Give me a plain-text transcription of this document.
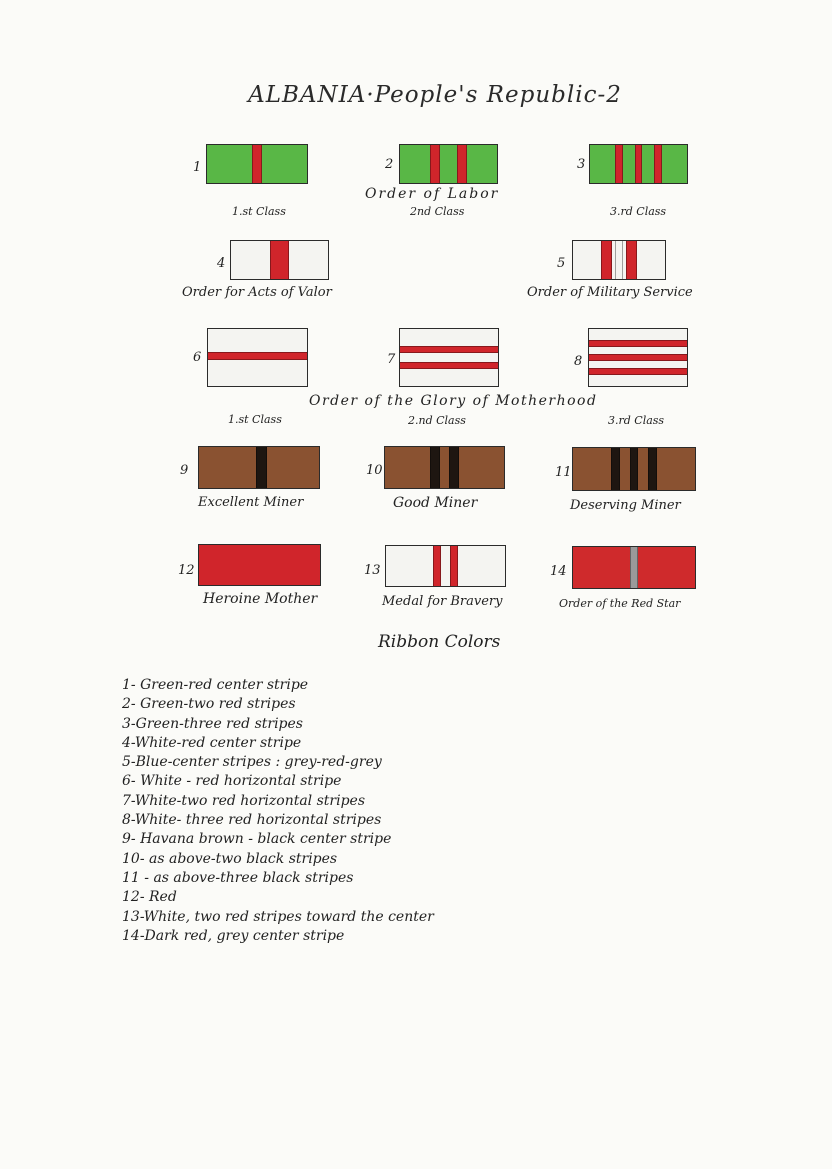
ALBANIA·People's Republic-2
1
1.st Class
2
Order of Labor
2nd Class
3
3.rd Class
4
Order for Acts of Valor
5
Order of Military Service
6
1.st Class
7
Order of the Glory of Motherhood
2.nd Class
8
3.rd Class
9
Excellent Miner
10
Good Miner
11
Deserving Miner
12
Heroine Mother
13
Medal for Bravery
14
Order of the Red Star
Ribbon Colors
1- Green-red center stripe
2- Green-two red stripes
3-Green-three red stripes
4-White-red center stripe
5-Blue-center stripes : grey-red-grey
6- White - red horizontal stripe
7-White-two red horizontal stripes
8-White- three red horizontal stripes
9- Havana brown - black center stripe
10- as above-two black stripes
11 - as above-three black stripes
12- Red
13-White, two red stripes toward the center
14-Dark red, grey center stripe
